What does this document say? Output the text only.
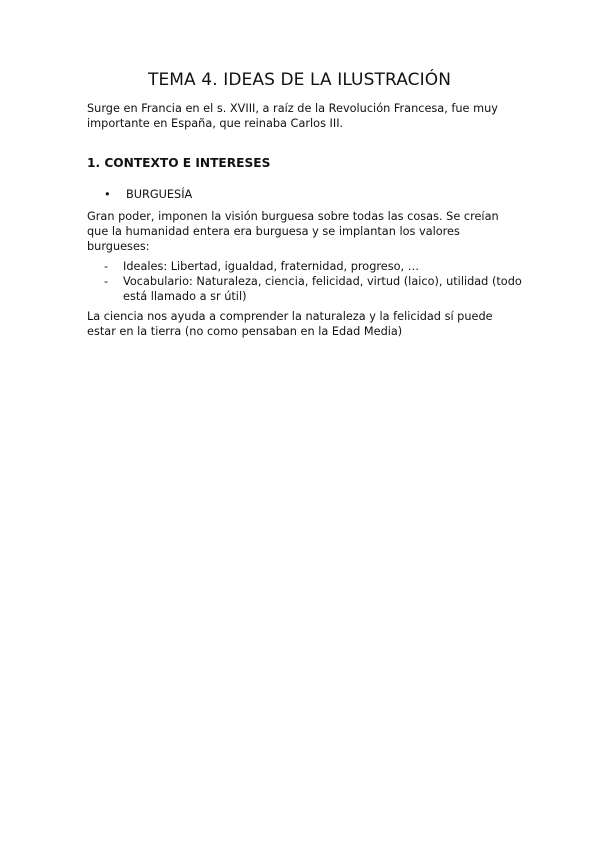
TEMA 4. IDEAS DE LA ILUSTRACIÓN
Surge en Francia en el s. XVIII, a raíz de la Revolución Francesa, fue muy importante en España, que reinaba Carlos III.
1. CONTEXTO E INTERESES
• BURGUESÍA
Gran poder, imponen la visión burguesa sobre todas las cosas. Se creían que la humanidad entera era burguesa y se implantan los valores burgueses:
- Ideales: Libertad, igualdad, fraternidad, progreso, …
- Vocabulario: Naturaleza, ciencia, felicidad, virtud (laico), utilidad (todo está llamado a sr útil)
La ciencia nos ayuda a comprender la naturaleza y la felicidad sí puede estar en la tierra (no como pensaban en la Edad Media)
